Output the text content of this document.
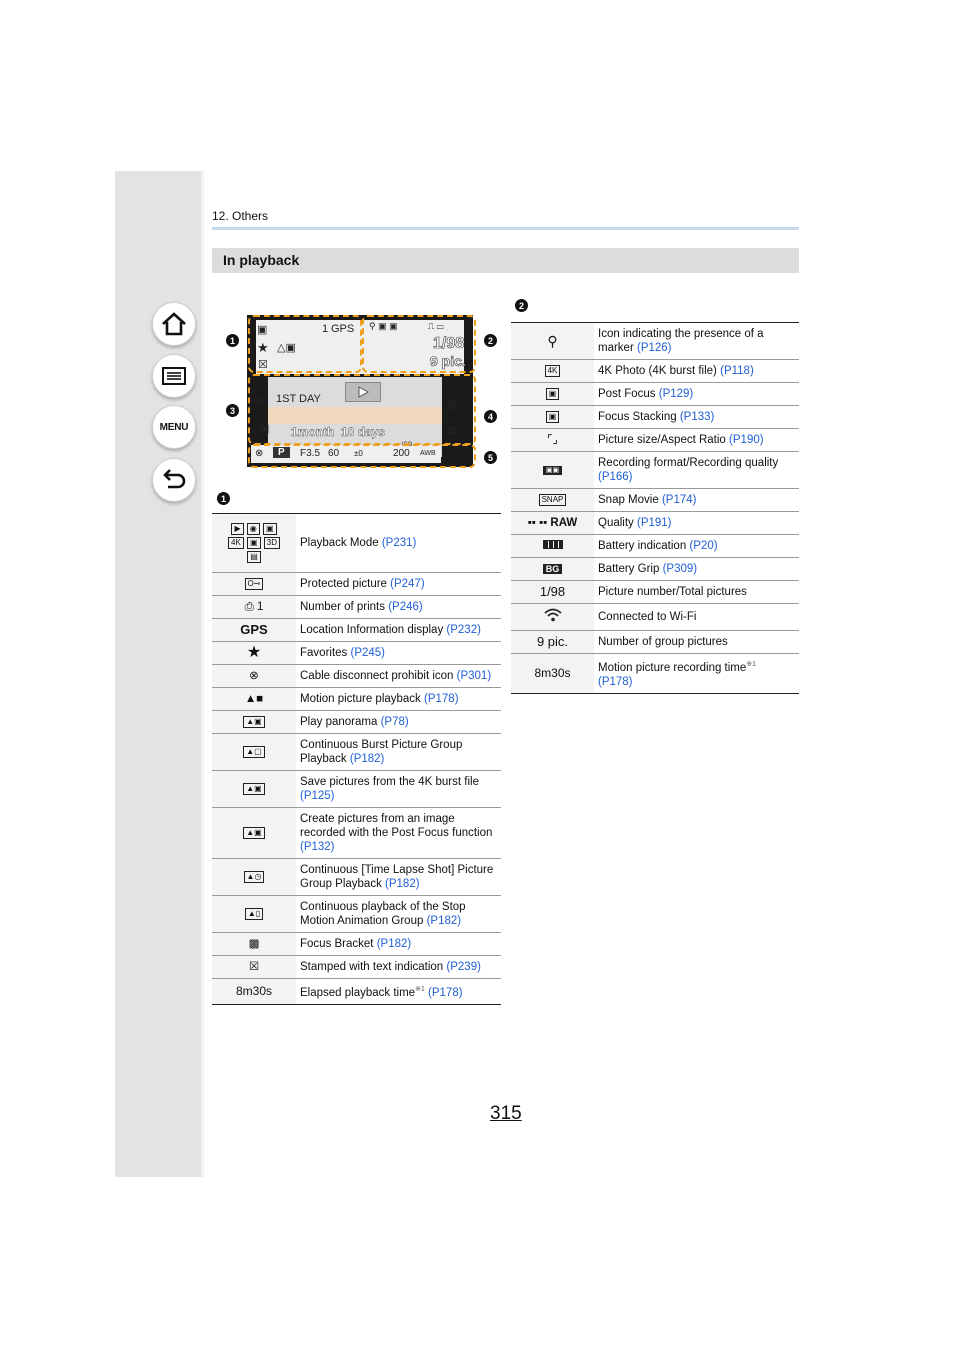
MENU
12. Others
In playback
1 GPS
1/98
9 pic.
▣
★ △▣
☒
☒
▥ 1ST DAY
1month 10 days
▣
▦
▦
⊗	P	F3.5 60 ±0	200
ISO
AWB
⚲ ▣ ▣	⎍ ▭
1	2
3
4
5
1
2
▶ ◉ ▣
4K ▣ 3D
▤	Playback Mode (P231)
O⊸	Protected picture (P247)
⎙ 1	Number of prints (P246)
GPS	Location Information display (P232)
★	Favorites (P245)
⊗	Cable disconnect prohibit icon (P301)
▲■	Motion picture playback (P178)
▲▣	Play panorama (P78)
▲▢	Continuous Burst Picture Group Playback (P182)
▲▣	Save pictures from the 4K burst file (P125)
▲▣	Create pictures from an image recorded with the Post Focus function (P132)
▲◷	Continuous [Time Lapse Shot] Picture Group Playback (P182)
▲▯	Continuous playback of the Stop Motion Animation Group (P182)
▩	Focus Bracket (P182)
☒	Stamped with text indication (P239)
8m30s	Elapsed playback time$^{※1}$ (P178)
⚲	Icon indicating the presence of a marker (P126)
4K	4K Photo (4K burst file) (P118)
▣	Post Focus (P129)
▣	Focus Stacking (P133)
⌜⌟	Picture size/Aspect Ratio (P190)
▣▣	Recording format/Recording quality (P166)
SNAP	Snap Movie (P174)
▪▪ ▪▪ RAW	Quality (P191)
	Battery indication (P20)
BG	Battery Grip (P309)
1/98	Picture number/Total pictures
	Connected to Wi-Fi
9 pic.	Number of group pictures
8m30s	Motion picture recording time$^{※1}$
(P178)
315
